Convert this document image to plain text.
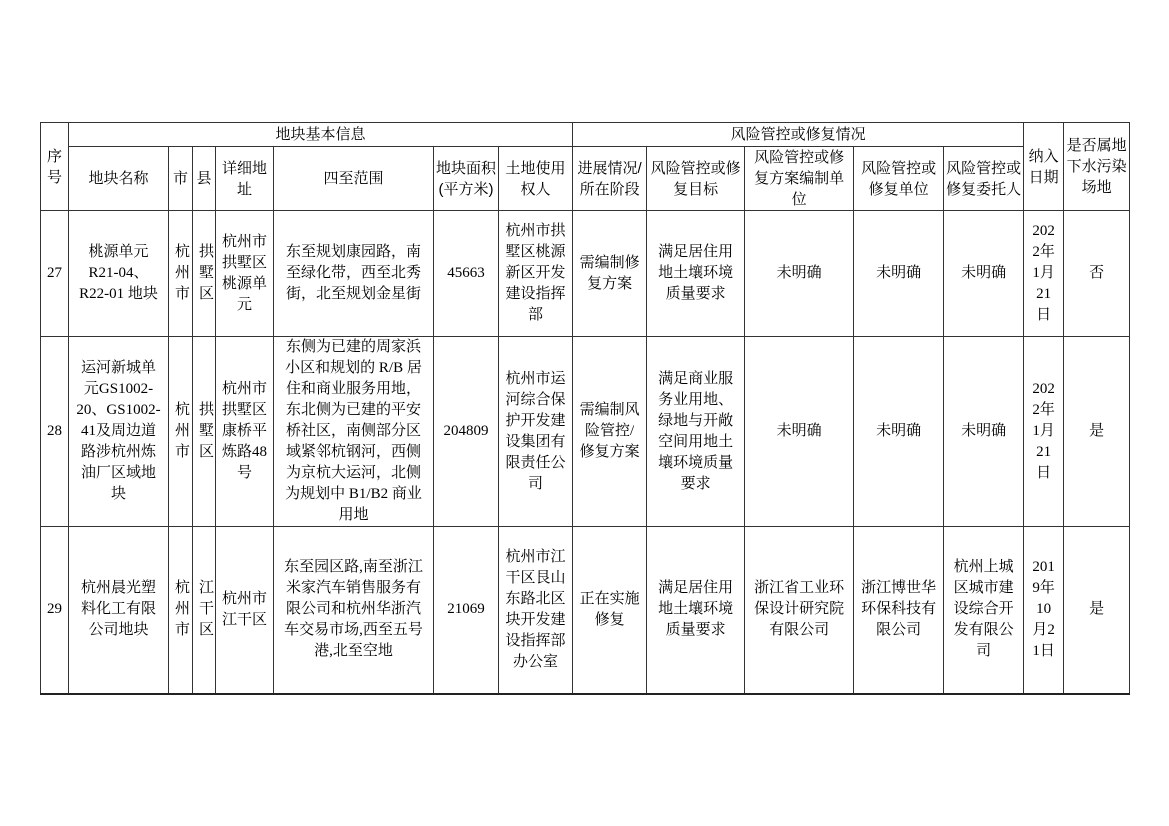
序号	地块基本信息							风险管控或修复情况					纳入日期	是否属地下水污染场地
	地块名称	市	县	详细地址	四至范围	地块面积(平方米)	土地使用权人	进展情况/所在阶段	风险管控或修复目标	风险管控或修复方案编制单位	风险管控或修复单位	风险管控或修复委托人		
27	桃源单元R21-04、R22-01 地块	杭州市	拱墅区	杭州市拱墅区桃源单元	东至规划康园路，南至绿化带，西至北秀街，北至规划金星街	45663	杭州市拱墅区桃源新区开发建设指挥部	需编制修复方案	满足居住用地土壤环境质量要求	未明确	未明确	未明确	2022年1月21日	否
28	运河新城单元GS1002-20、GS1002-41及周边道路涉杭州炼油厂区域地块	杭州市	拱墅区	杭州市拱墅区康桥平炼路48号	东侧为已建的周家浜小区和规划的 R/B 居住和商业服务用地，东北侧为已建的平安桥社区，南侧部分区域紧邻杭钢河，西侧为京杭大运河，北侧为规划中 B1/B2 商业用地	204809	杭州市运河综合保护开发建设集团有限责任公司	需编制风险管控/修复方案	满足商业服务业用地、绿地与开敞空间用地土壤环境质量要求	未明确	未明确	未明确	2022年1月21日	是
29	杭州晨光塑料化工有限公司地块	杭州市	江干区	杭州市江干区	东至园区路,南至浙江米家汽车销售服务有限公司和杭州华浙汽车交易市场,西至五号港,北至空地	21069	杭州市江干区艮山东路北区块开发建设指挥部办公室	正在实施修复	满足居住用地土壤环境质量要求	浙江省工业环保设计研究院有限公司	浙江博世华环保科技有限公司	杭州上城区城市建设综合开发有限公司	2019年10月21日	是
